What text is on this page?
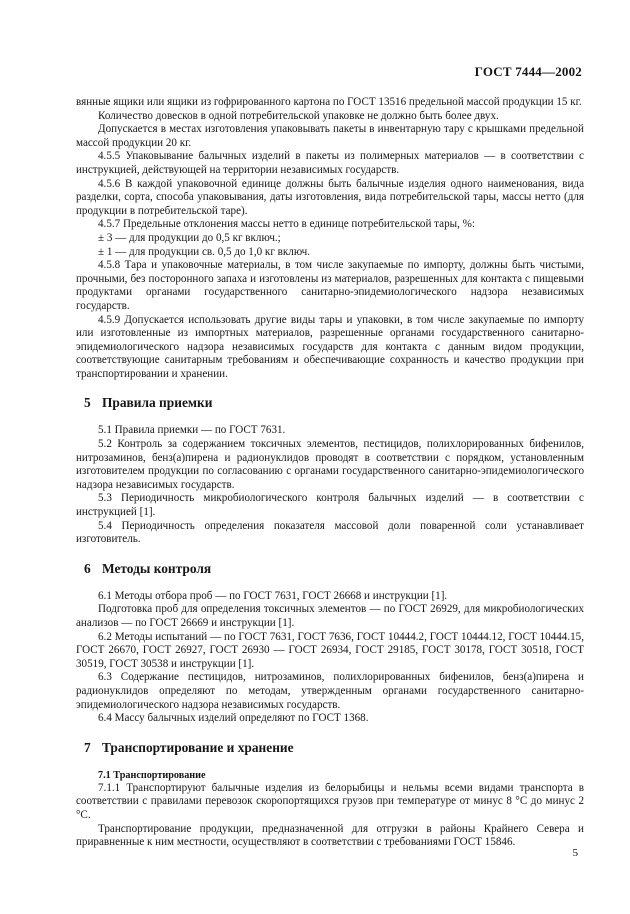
ГОСТ 7444—2002

вянные ящики или ящики из гофрированного картона по ГОСТ 13516 предельной массой продукции 15 кг.

Количество довесков в одной потребительской упаковке не должно быть более двух.

Допускается в местах изготовления упаковывать пакеты в инвентарную тару с крышками предельной массой продукции 20 кг.

4.5.5 Упаковывание балычных изделий в пакеты из полимерных материалов — в соответствии с инструкцией, действующей на территории независимых государств.

4.5.6 В каждой упаковочной единице должны быть балычные изделия одного наименования, вида разделки, сорта, способа упаковывания, даты изготовления, вида потребительской тары, массы нетто (для продукции в потребительской таре).

4.5.7 Предельные отклонения массы нетто в единице потребительской тары, %:

± 3 — для продукции до 0,5 кг включ.;

± 1 — для продукции св. 0,5 до 1,0 кг включ.

4.5.8 Тара и упаковочные материалы, в том числе закупаемые по импорту, должны быть чистыми, прочными, без посторонного запаха и изготовлены из материалов, разрешенных для контакта с пищевыми продуктами органами государственного санитарно-эпидемиологического надзора независимых государств.

4.5.9 Допускается использовать другие виды тары и упаковки, в том числе закупаемые по импорту или изготовленные из импортных материалов, разрешенные органами государственного санитарно-эпидемиологического надзора независимых государств для контакта с данным видом продукции, соответствующие санитарным требованиям и обеспечивающие сохранность и качество продукции при транспортировании и хранении.

5 Правила приемки

5.1 Правила приемки — по ГОСТ 7631.

5.2 Контроль за содержанием токсичных элементов, пестицидов, полихлорированных бифенилов, нитрозаминов, бенз(а)пирена и радионуклидов проводят в соответствии с порядком, установленным изготовителем продукции по согласованию с органами государственного санитарно-эпидемиологического надзора независимых государств.

5.3 Периодичность микробиологического контроля балычных изделий — в соответствии с инструкцией [1].

5.4 Периодичность определения показателя массовой доли поваренной соли устанавливает изготовитель.

6 Методы контроля

6.1 Методы отбора проб — по ГОСТ 7631, ГОСТ 26668 и инструкции [1].

Подготовка проб для определения токсичных элементов — по ГОСТ 26929, для микробиологических анализов — по ГОСТ 26669 и инструкции [1].

6.2 Методы испытаний — по ГОСТ 7631, ГОСТ 7636, ГОСТ 10444.2, ГОСТ 10444.12, ГОСТ 10444.15, ГОСТ 26670, ГОСТ 26927, ГОСТ 26930 — ГОСТ 26934, ГОСТ 29185, ГОСТ 30178, ГОСТ 30518, ГОСТ 30519, ГОСТ 30538 и инструкции [1].

6.3 Содержание пестицидов, нитрозаминов, полихлорированных бифенилов, бенз(а)пирена и радионуклидов определяют по методам, утвержденным органами государственного санитарно-эпидемиологического надзора независимых государств.

6.4 Массу балычных изделий определяют по ГОСТ 1368.

7 Транспортирование и хранение
7.1 Транспортирование

7.1.1 Транспортируют балычные изделия из белорыбицы и нельмы всеми видами транспорта в соответствии с правилами перевозок скоропортящихся грузов при температуре от минус 8 °С до минус 2 °С.

Транспортирование продукции, предназначенной для отгрузки в районы Крайнего Севера и приравненные к ним местности, осуществляют в соответствии с требованиями ГОСТ 15846.

5
